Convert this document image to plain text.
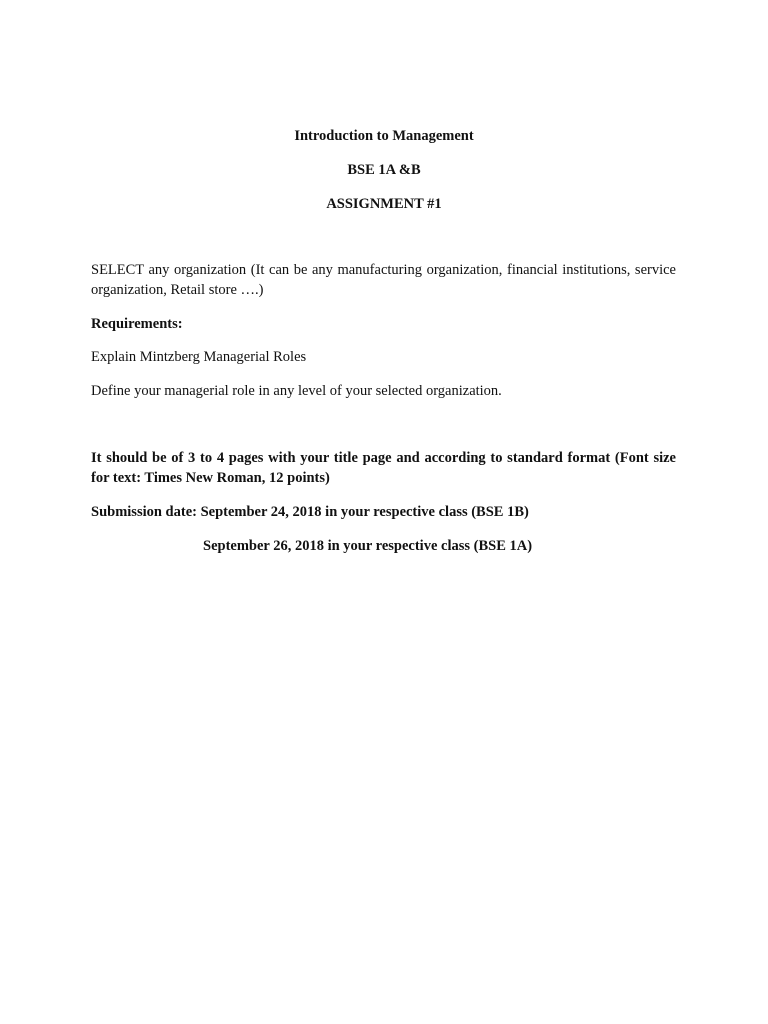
Introduction to Management
BSE 1A &B
ASSIGNMENT #1
SELECT any organization (It can be any manufacturing organization, financial institutions, service organization, Retail store ….)
Requirements:
Explain Mintzberg Managerial Roles
Define your managerial role in any level of your selected organization.
It should be of 3 to 4 pages with your title page and according to standard format (Font size for text: Times New Roman, 12 points)
Submission date: September 24, 2018 in your respective class (BSE 1B)
September 26, 2018 in your respective class (BSE 1A)
